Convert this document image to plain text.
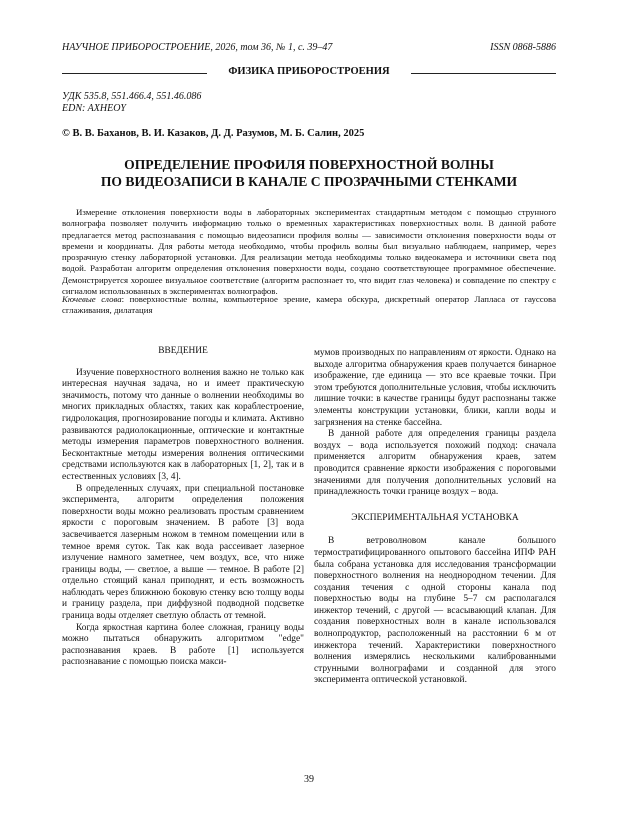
НАУЧНОЕ ПРИБОРОСТРОЕНИЕ, 2026, том 36, № 1, с. 39–47	ISSN 0868-5886
ФИЗИКА ПРИБОРОСТРОЕНИЯ
УДК 535.8, 551.466.4, 551.46.086
EDN: AXHEOY
© В. В. Баханов, В. И. Казаков, Д. Д. Разумов, М. Б. Салин, 2025
ОПРЕДЕЛЕНИЕ ПРОФИЛЯ ПОВЕРХНОСТНОЙ ВОЛНЫ
ПО ВИДЕОЗАПИСИ В КАНАЛЕ С ПРОЗРАЧНЫМИ СТЕНКАМИ

Измерение отклонения поверхности воды в лабораторных экспериментах стандартным методом с помощью струнного волнографа позволяет получить информацию только о временных характеристиках поверхностных волн. В данной работе предлагается метод распознавания с помощью видеозаписи профиля волны — зависимости отклонения поверхности воды от времени и координаты. Для работы метода необходимо, чтобы профиль волны был визуально наблюдаем, например, через прозрачную стенку лабораторной установки. Для реализации метода необходимы только видеокамера и источники света под водой. Разработан алгоритм определения отклонения поверхности воды, создано соответствующее программное обеспечение. Демонстрируется хорошее визуальное соответствие (алгоритм распознает то, что видит глаз человека) и совпадение по спектру с сигналом использованных в экспериментах волнографов.

Кючевые слова: поверхностные волны, компьютерное зрение, камера обскура, дискретный оператор Лапласа от гауссова сглаживания, дилатация
ВВЕДЕНИЕ

Изучение поверхностного волнения важно не только как интересная научная задача, но и имеет практическую значимость, потому что данные о волнении необходимы во многих прикладных областях, таких как кораблестроение, гидролокация, прогнозирование погоды и климата. Активно развиваются радиолокационные, оптические и контактные методы измерения параметров поверхностного волнения. Бесконтактные методы измерения волнения оптическими средствами используются как в лабораторных [1, 2], так и в естественных условиях [3, 4].

В определенных случаях, при специальной постановке эксперимента, алгоритм определения положения поверхности воды можно реализовать простым сравнением яркости с пороговым значением. В работе [3] вода засвечивается лазерным ножом в темном помещении или в темное время суток. Так как вода рассеивает лазерное излучение намного заметнее, чем воздух, все, что ниже границы воды, — светлое, а выше — темное. В работе [2] отдельно стоящий канал приподнят, и есть возможность наблюдать через ближнюю боковую стенку всю толщу воды и границу раздела, при диффузной подводной подсветке граница воды отделяет светлую область от темной.

Когда яркостная картина более сложная, границу воды можно пытаться обнаружить алгоритмом "edge" распознавания краев. В работе [1] используется распознавание с помощью поиска макси-

мумов производных по направлениям от яркости. Однако на выходе алгоритма обнаружения краев получается бинарное изображение, где единица — это все краевые точки. При этом требуются дополнительные условия, чтобы исключить лишние точки: в качестве границы будут распознаны также элементы конструкции установки, блики, капли воды и загрязнения на стенке бассейна.

В данной работе для определения границы раздела воздух – вода используется похожий подход: сначала применяется алгоритм обнаружения краев, затем проводится сравнение яркости изображения с пороговыми значениями для получения дополнительных условий на принадлежность точки границе воздух – вода.

ЭКСПЕРИМЕНТАЛЬНАЯ УСТАНОВКА

В ветроволновом канале большого термостратифицированного опытового бассейна ИПФ РАН была собрана установка для исследования трансформации поверхностного волнения на неоднородном течении. Для создания течения с одной стороны канала под поверхностью воды на глубине 5–7 см располагался инжектор течений, с другой — всасывающий клапан. Для создания поверхностных волн в канале использовался волнопродуктор, расположенный на расстоянии 6 м от инжектора течений. Характеристики поверхностного волнения измерялись несколькими калиброванными струнными волнографами и созданной для этого эксперимента оптической установкой.

39
